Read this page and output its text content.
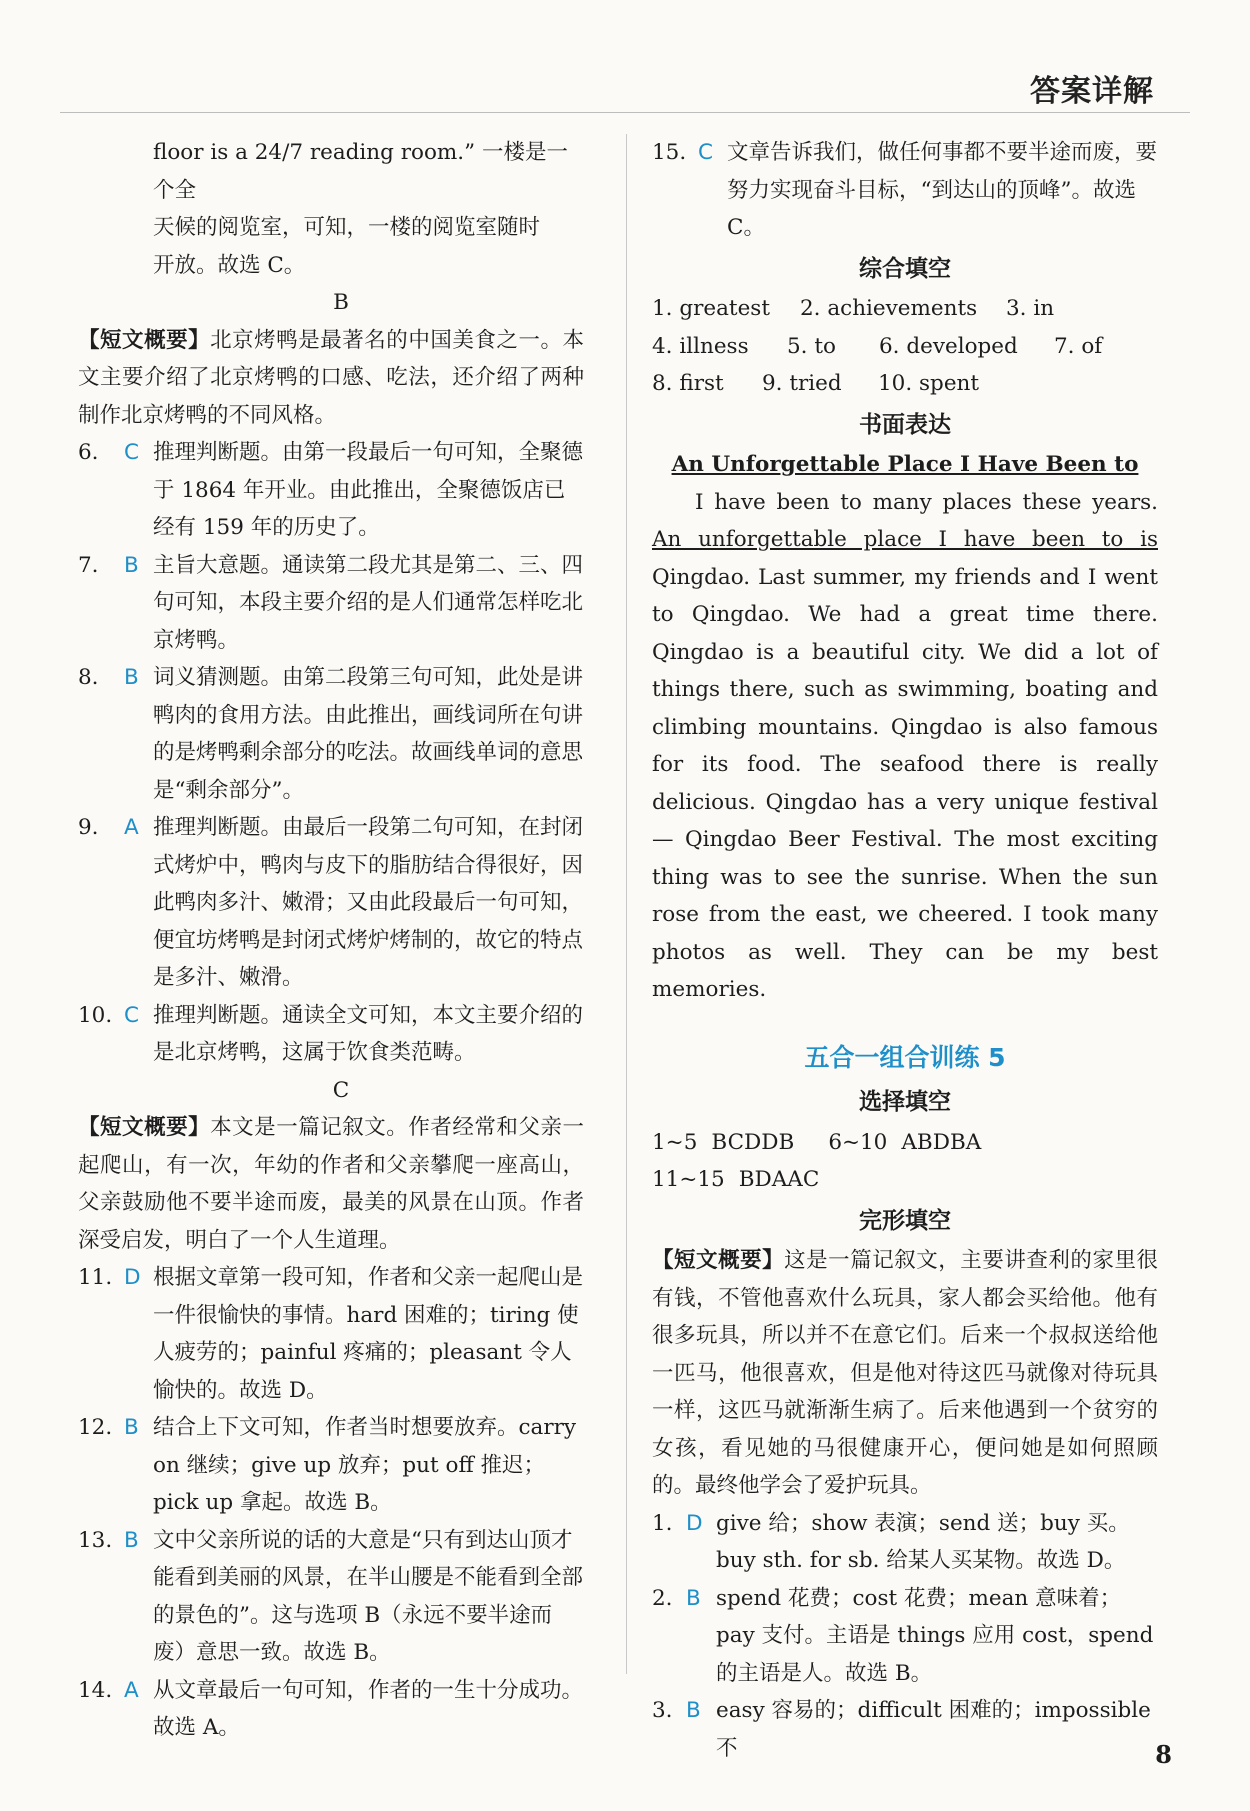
答案详解
floor is a 24/7 reading room.” 一楼是一个全
天候的阅览室，可知，一楼的阅览室随时
开放。故选 C。
B
【短文概要】北京烤鸭是最著名的中国美食之一。本文主要介绍了北京烤鸭的口感、吃法，还介绍了两种制作北京烤鸭的不同风格。
6.	C 推理判断题。由第一段最后一句可知，全聚德于 1864 年开业。由此推出，全聚德饭店已经有 159 年的历史了。
7.	B 主旨大意题。通读第二段尤其是第二、三、四句可知，本段主要介绍的是人们通常怎样吃北京烤鸭。
8.	B 词义猜测题。由第二段第三句可知，此处是讲鸭肉的食用方法。由此推出，画线词所在句讲的是烤鸭剩余部分的吃法。故画线单词的意思是“剩余部分”。
9.	A 推理判断题。由最后一段第二句可知，在封闭式烤炉中，鸭肉与皮下的脂肪结合得很好，因此鸭肉多汁、嫩滑；又由此段最后一句可知，便宜坊烤鸭是封闭式烤炉烤制的，故它的特点是多汁、嫩滑。
10. C 推理判断题。通读全文可知，本文主要介绍的是北京烤鸭，这属于饮食类范畴。
C
【短文概要】本文是一篇记叙文。作者经常和父亲一起爬山，有一次，年幼的作者和父亲攀爬一座高山，父亲鼓励他不要半途而废，最美的风景在山顶。作者深受启发，明白了一个人生道理。
11. D 根据文章第一段可知，作者和父亲一起爬山是一件很愉快的事情。hard 困难的；tiring 使人疲劳的；painful 疼痛的；pleasant 令人愉快的。故选 D。
12. B 结合上下文可知，作者当时想要放弃。carry on 继续；give up 放弃；put off 推迟；pick up 拿起。故选 B。
13. B 文中父亲所说的话的大意是“只有到达山顶才能看到美丽的风景，在半山腰是不能看到全部的景色的”。这与选项 B（永远不要半途而废）意思一致。故选 B。
14. A 从文章最后一句可知，作者的一生十分成功。故选 A。
15. C 文章告诉我们，做任何事都不要半途而废，要努力实现奋斗目标，“到达山的顶峰”。故选 C。
综合填空
1. greatest	2. achievements	3. in
4. illness	5. to	6. developed	7. of
8. first	9. tried	10. spent
书面表达
An Unforgettable Place I Have Been to
I have been to many places these years. An unforgettable place I have been to is Qingdao. Last summer, my friends and I went to Qingdao. We had a great time there. Qingdao is a beautiful city. We did a lot of things there, such as swimming, boating and climbing mountains. Qingdao is also famous for its food. The seafood there is really delicious. Qingdao has a very unique festival — Qingdao Beer Festival. The most exciting thing was to see the sunrise. When the sun rose from the east, we cheered. I took many photos as well. They can be my best memories.
五合一组合训练 5
选择填空
1~5 BCDDB 6~10 ABDBA
11~15 BDAAC
完形填空
【短文概要】这是一篇记叙文，主要讲查利的家里很有钱，不管他喜欢什么玩具，家人都会买给他。他有很多玩具，所以并不在意它们。后来一个叔叔送给他一匹马，他很喜欢，但是他对待这匹马就像对待玩具一样，这匹马就渐渐生病了。后来他遇到一个贫穷的女孩，看见她的马很健康开心，便问她是如何照顾的。最终他学会了爱护玩具。
1. D give 给；show 表演；send 送；buy 买。buy sth. for sb. 给某人买某物。故选 D。
2. B spend 花费；cost 花费；mean 意味着；pay 支付。主语是 things 应用 cost，spend 的主语是人。故选 B。
3. B easy 容易的；difficult 困难的；impossible 不	8
